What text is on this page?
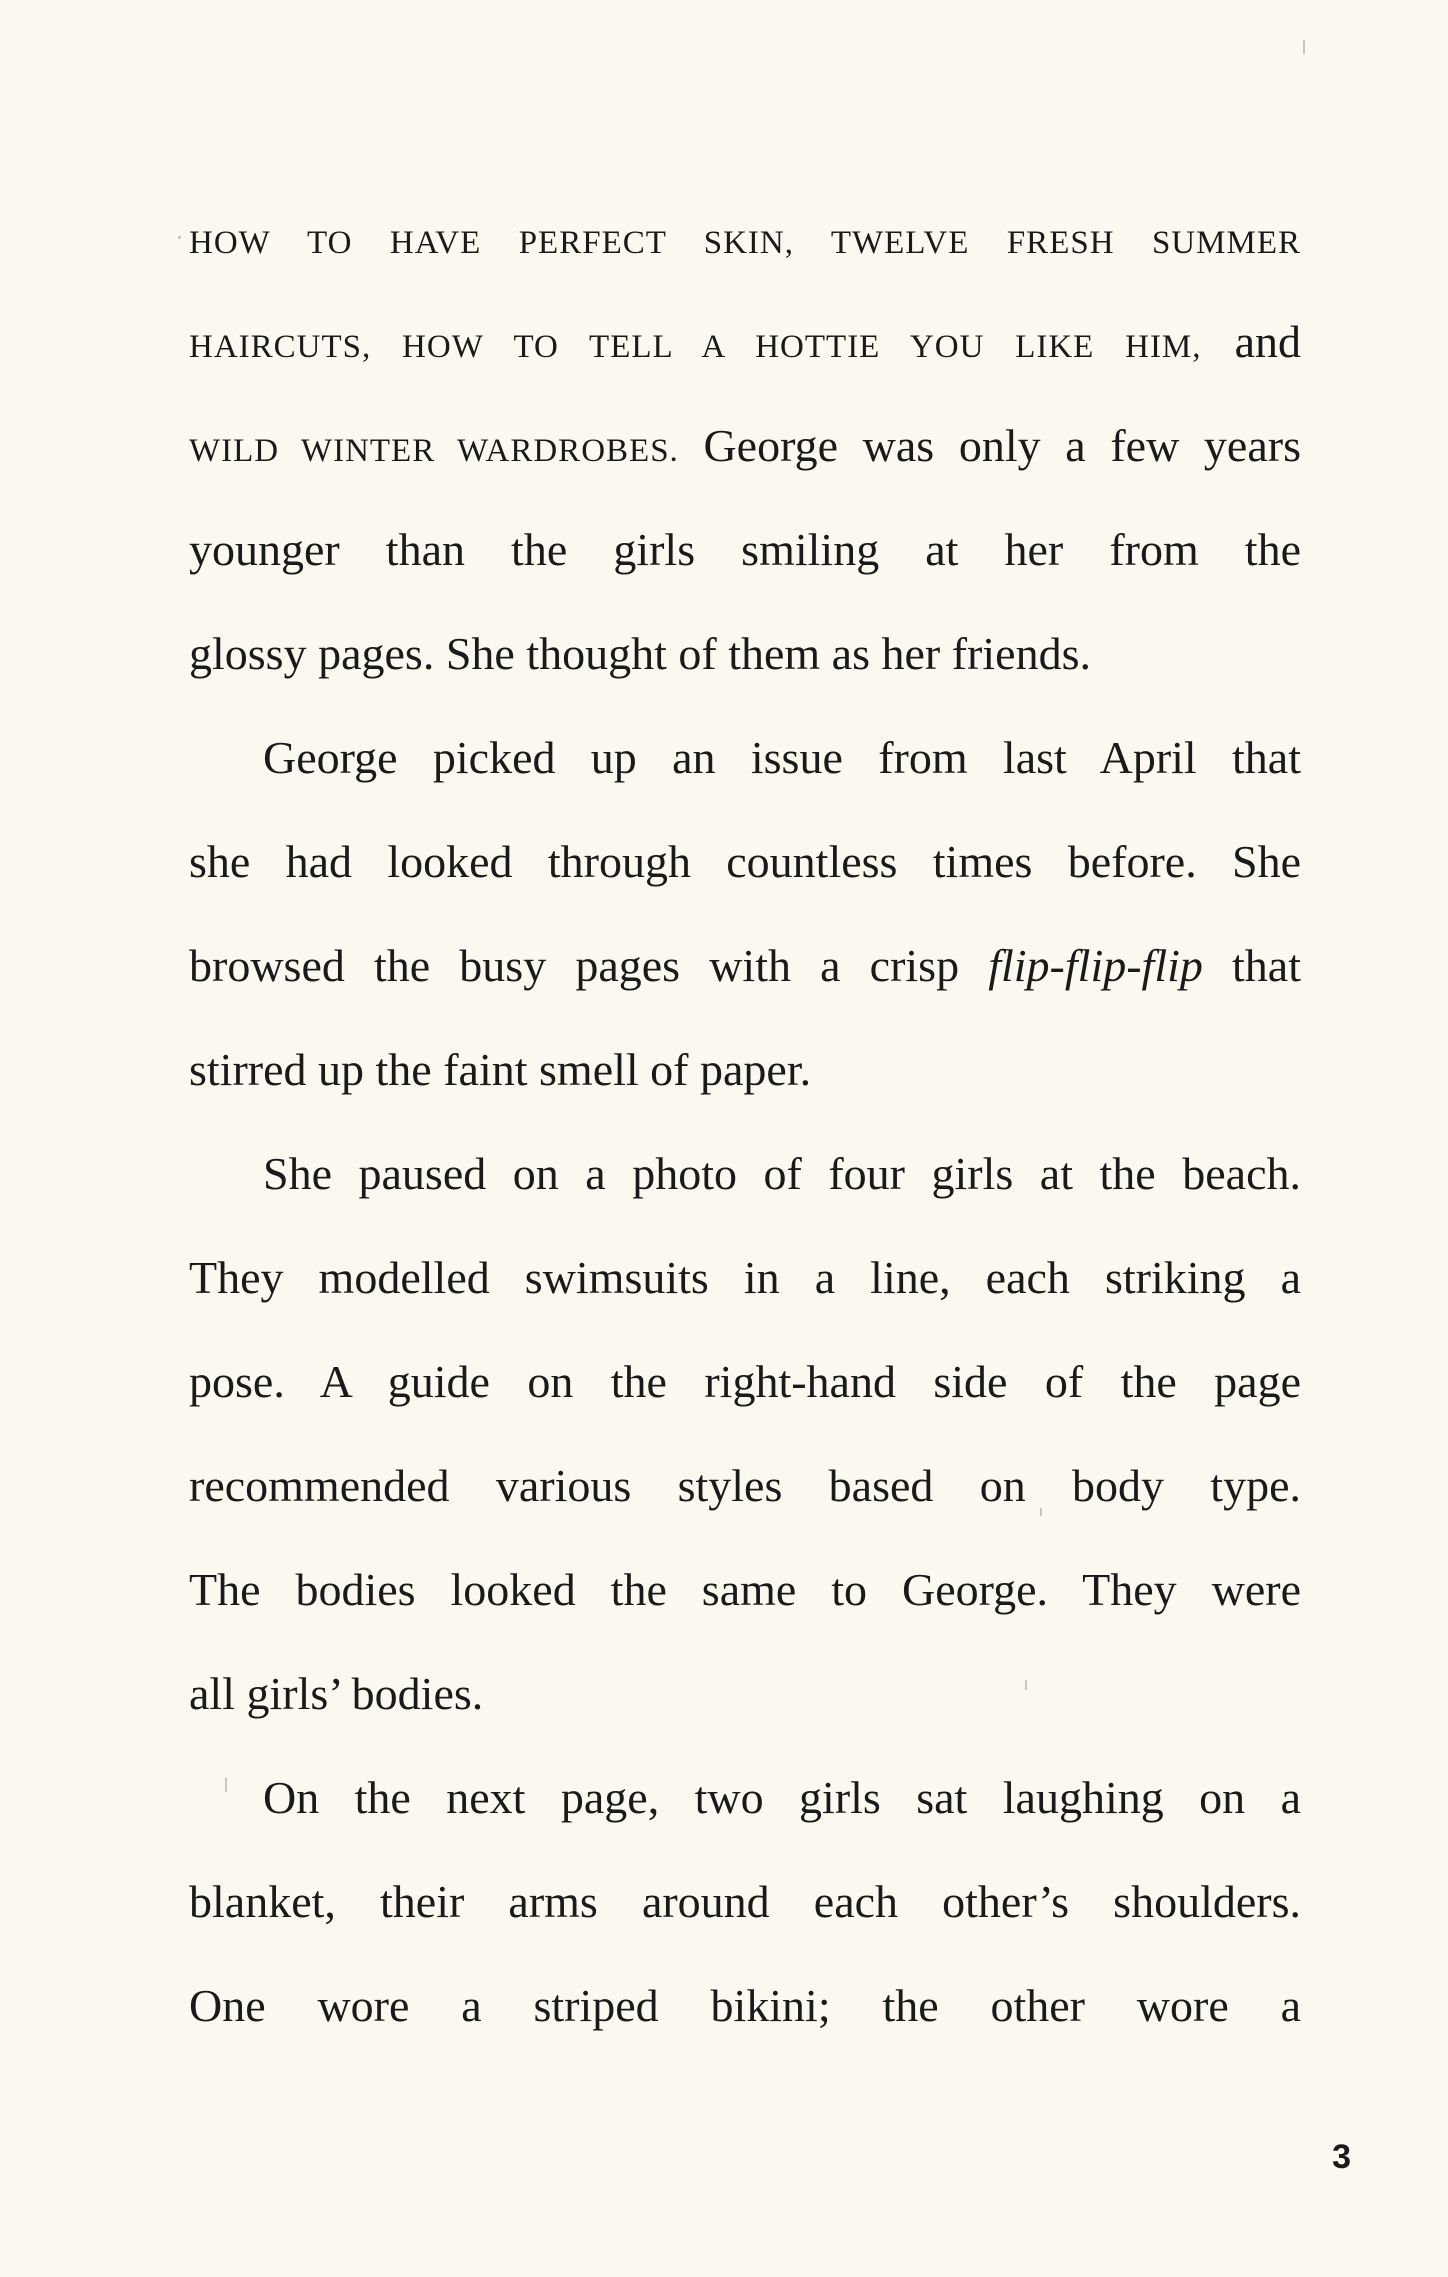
HOW TO HAVE PERFECT SKIN, TWELVE FRESH SUMMER
HAIRCUTS, HOW TO TELL A HOTTIE YOU LIKE HIM, and
WILD WINTER WARDROBES. George was only a few years
younger than the girls smiling at her from the
glossy pages. She thought of them as her friends.
George picked up an issue from last April that
she had looked through countless times before. She
browsed the busy pages with a crisp flip-flip-flip that
stirred up the faint smell of paper.
She paused on a photo of four girls at the beach.
They modelled swimsuits in a line, each striking a
pose. A guide on the right-hand side of the page
recommended various styles based on body type.
The bodies looked the same to George. They were
all girls’ bodies.
On the next page, two girls sat laughing on a
blanket, their arms around each other’s shoulders.
One wore a striped bikini; the other wore a
3
